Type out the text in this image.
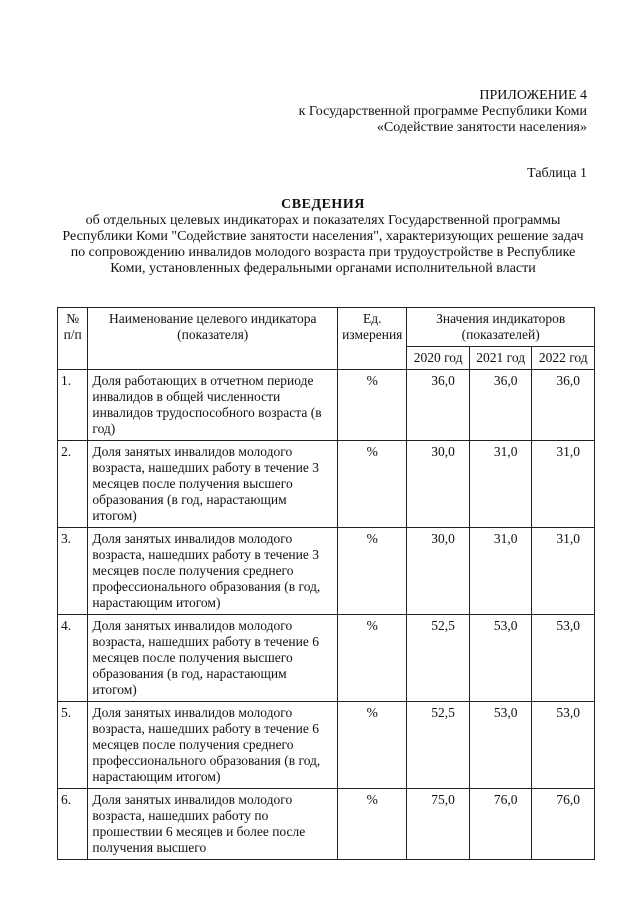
ПРИЛОЖЕНИЕ 4
к Государственной программе Республики Коми
«Содействие занятости населения»
Таблица 1
СВЕДЕНИЯ
об отдельных целевых индикаторах и показателях Государственной программы Республики Коми "Содействие занятости населения", характеризующих решение задач по сопровождению инвалидов молодого возраста при трудоустройстве в Республике Коми, установленных федеральными органами исполнительной власти
№ п/п	Наименование целевого индикатора (показателя)	Ед. измерения	Значения индикаторов (показателей)		
			2020 год	2021 год	2022 год
1.	Доля работающих в отчетном периоде инвалидов в общей численности инвалидов трудоспособного возраста (в год)	%	36,0	36,0	36,0
2.	Доля занятых инвалидов молодого возраста, нашедших работу в течение 3 месяцев после получения высшего образования (в год, нарастающим итогом)	%	30,0	31,0	31,0
3.	Доля занятых инвалидов молодого возраста, нашедших работу в течение 3 месяцев после получения среднего профессионального образования (в год, нарастающим итогом)	%	30,0	31,0	31,0
4.	Доля занятых инвалидов молодого возраста, нашедших работу в течение 6 месяцев после получения высшего образования (в год, нарастающим итогом)	%	52,5	53,0	53,0
5.	Доля занятых инвалидов молодого возраста, нашедших работу в течение 6 месяцев после получения среднего профессионального образования (в год, нарастающим итогом)	%	52,5	53,0	53,0
6.	Доля занятых инвалидов молодого возраста, нашедших работу по прошествии 6 месяцев и более после получения высшего	%	75,0	76,0	76,0
